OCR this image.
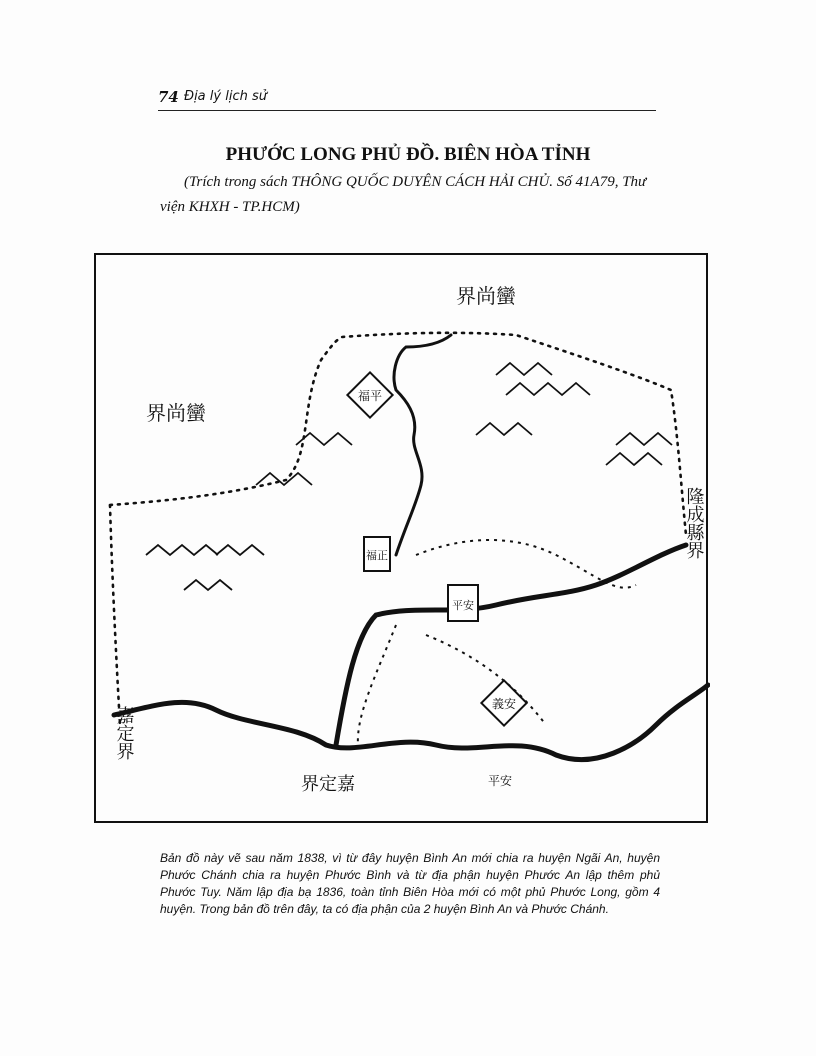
74 Địa lý lịch sử
PHƯỚC LONG PHỦ ĐỒ. BIÊN HÒA TỈNH
(Trích trong sách THÔNG QUỐC DUYÊN CÁCH HẢI CHỦ. Số 41A79, Thư viện KHXH - TP.HCM)
福平
義安
福正
平安
平安
界尚蠻
界尚蠻
界定嘉
隆成縣界
嘉定界
Bản đồ này vẽ sau năm 1838, vì từ đây huyện Bình An mới chia ra huyện Ngãi An, huyện Phước Chánh chia ra huyện Phước Bình và từ địa phận huyện Phước An lập thêm phủ Phước Tuy. Năm lập địa bạ 1836, toàn tỉnh Biên Hòa mới có một phủ Phước Long, gồm 4 huyện. Trong bản đồ trên đây, ta có địa phận của 2 huyện Bình An và Phước Chánh.
